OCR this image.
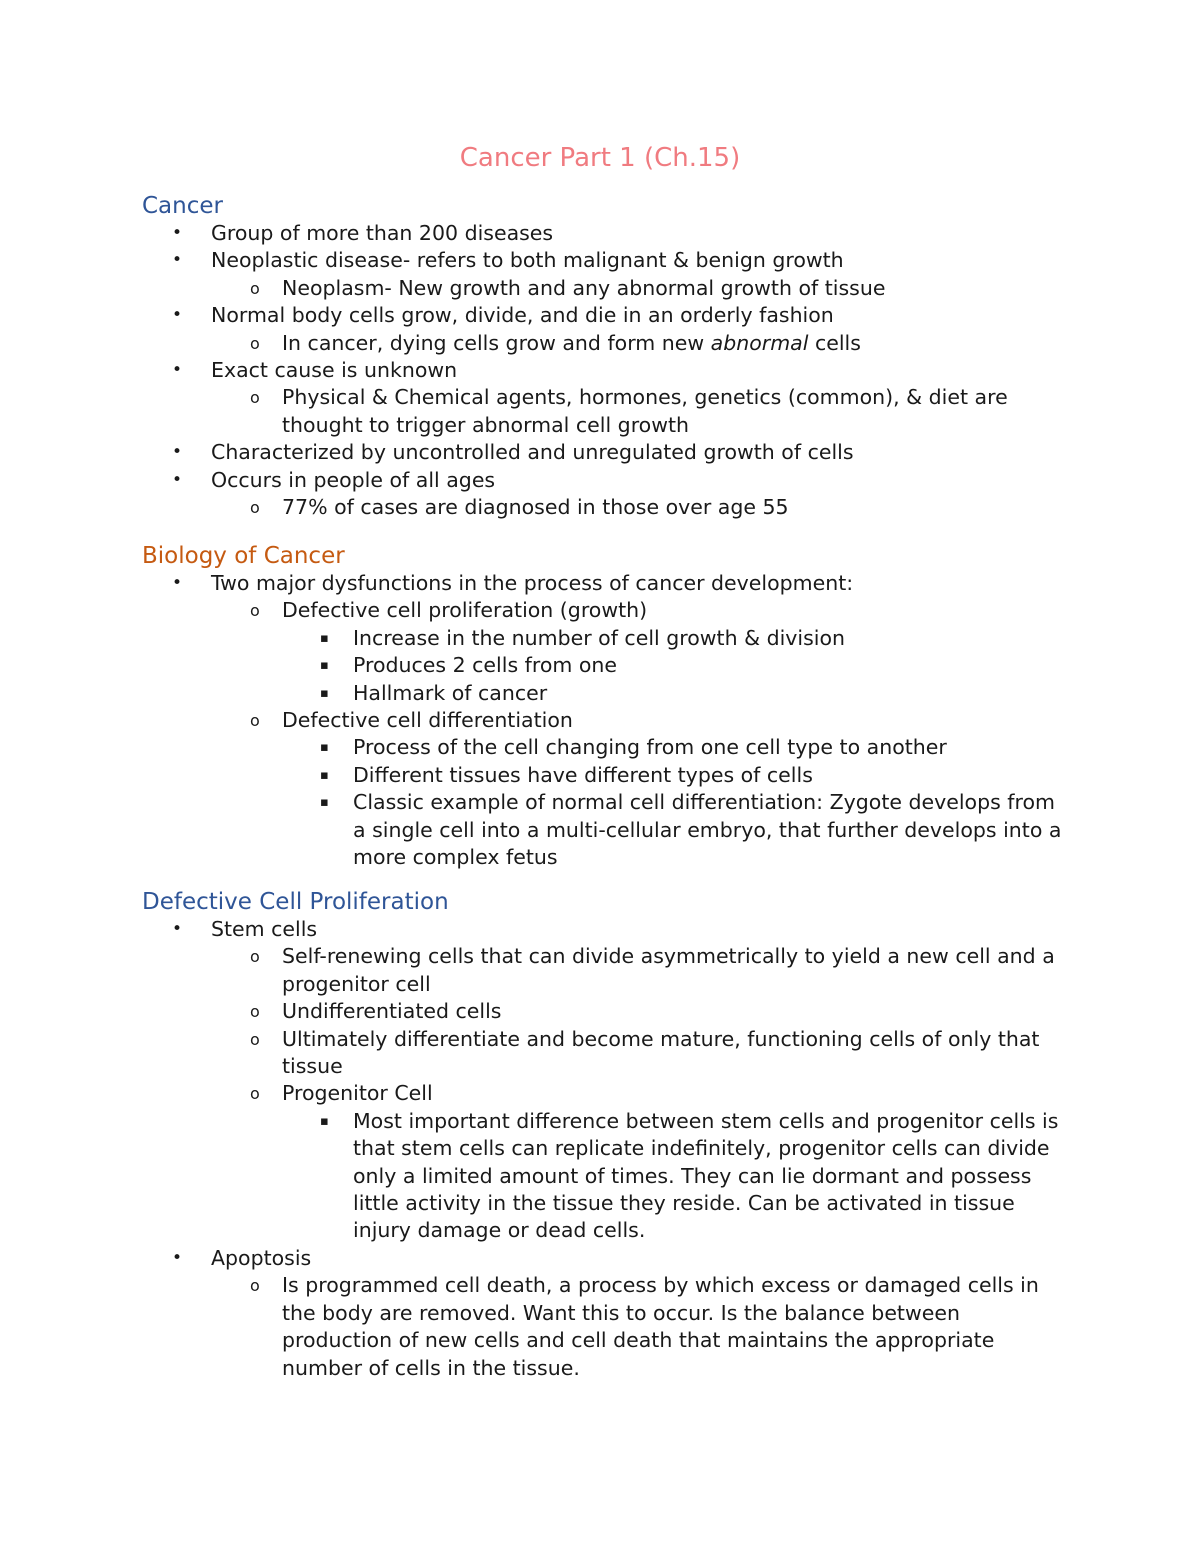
Cancer Part 1 (Ch.15)
Cancer
• Group of more than 200 diseases
• Neoplastic disease- refers to both malignant & benign growth
o Neoplasm- New growth and any abnormal growth of tissue
• Normal body cells grow, divide, and die in an orderly fashion
o In cancer, dying cells grow and form new abnormal cells
• Exact cause is unknown
o Physical & Chemical agents, hormones, genetics (common), & diet are thought to trigger abnormal cell growth
• Characterized by uncontrolled and unregulated growth of cells
• Occurs in people of all ages
o 77% of cases are diagnosed in those over age 55
Biology of Cancer
• Two major dysfunctions in the process of cancer development:
o Defective cell proliferation (growth)
▪ Increase in the number of cell growth & division
▪ Produces 2 cells from one
▪ Hallmark of cancer
o Defective cell differentiation
▪ Process of the cell changing from one cell type to another
▪ Different tissues have different types of cells
▪ Classic example of normal cell differentiation: Zygote develops from a single cell into a multi-cellular embryo, that further develops into a more complex fetus
Defective Cell Proliferation
• Stem cells
o Self-renewing cells that can divide asymmetrically to yield a new cell and a progenitor cell
o Undifferentiated cells
o Ultimately differentiate and become mature, functioning cells of only that tissue
o Progenitor Cell
▪ Most important difference between stem cells and progenitor cells is that stem cells can replicate indefinitely, progenitor cells can divide only a limited amount of times. They can lie dormant and possess little activity in the tissue they reside. Can be activated in tissue injury damage or dead cells.
• Apoptosis
o Is programmed cell death, a process by which excess or damaged cells in the body are removed. Want this to occur. Is the balance between production of new cells and cell death that maintains the appropriate number of cells in the tissue.
